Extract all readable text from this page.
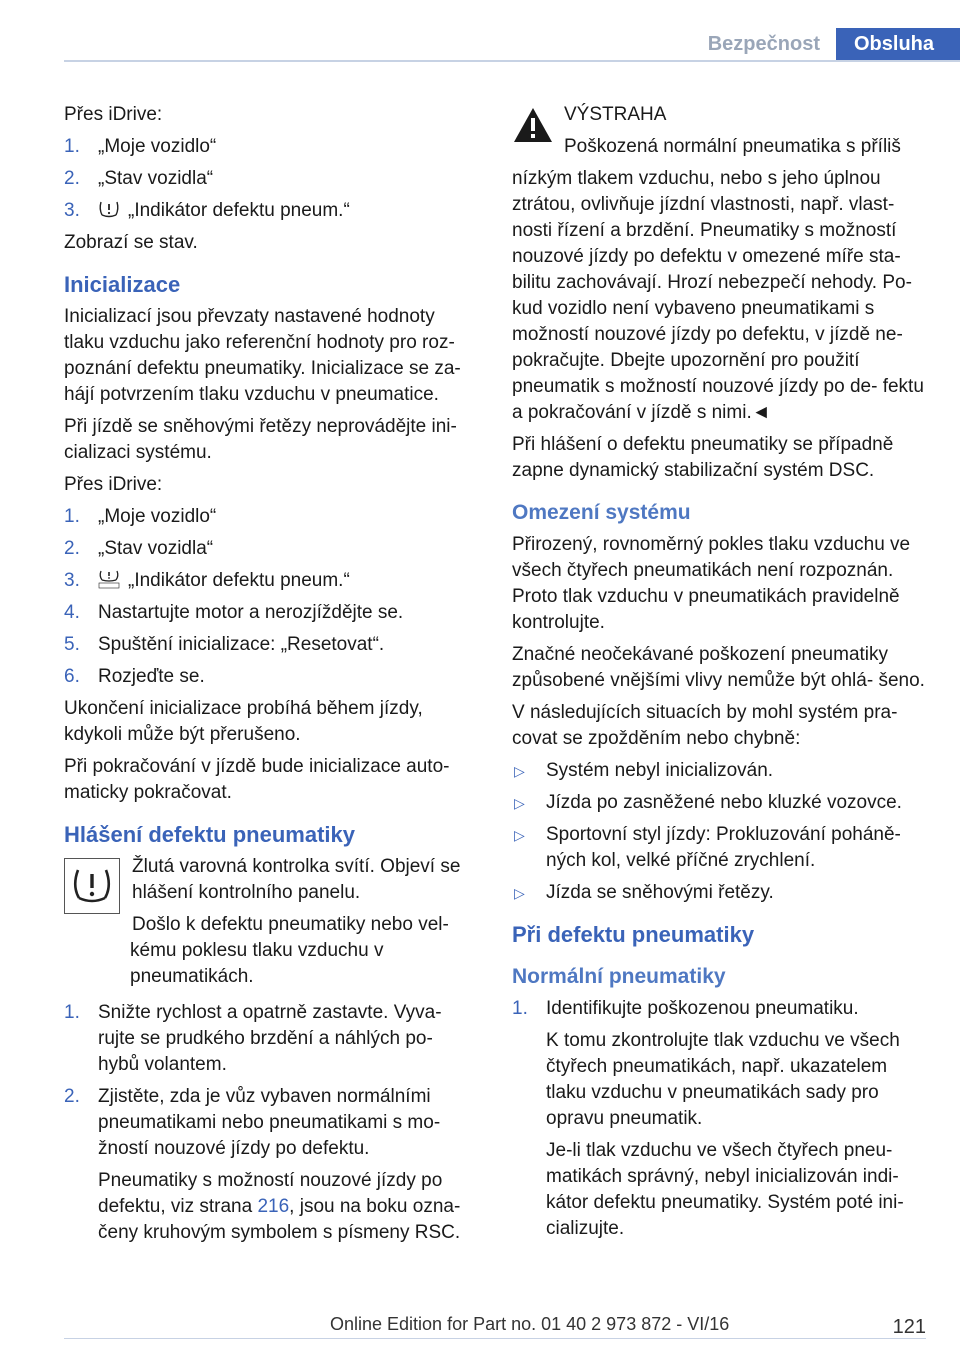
Bezpečnost	Obsluha

Přes iDrive:

1. „Moje vozidlo“
2. „Stav vozidla“
3.	„Indikátor defektu pneum.“

Zobrazí se stav.

Inicializace

Inicializací jsou převzaty nastavené hodnoty tlaku vzduchu jako referenční hodnoty pro roz‐ poznání defektu pneumatiky. Inicializace se za‐ hájí potvrzením tlaku vzduchu v pneumatice.

Při jízdě se sněhovými řetězy neprovádějte ini‐ cializaci systému.

Přes iDrive:

1. „Moje vozidlo“
2. „Stav vozidla“
3.	„Indikátor defektu pneum.“
4. Nastartujte motor a nerozjíždějte se.
5. Spuštění inicializace: „Resetovat“.
6. Rozjeďte se.

Ukončení inicializace probíhá během jízdy, kdykoli může být přerušeno.

Při pokračování v jízdě bude inicializace auto‐ maticky pokračovat.

Hlášení defektu pneumatiky

Žlutá varovná kontrolka svítí. Objeví se hlášení kontrolního panelu.

Došlo k defektu pneumatiky nebo vel‐ kému poklesu tlaku vzduchu v pneumatikách.

1. Snižte rychlost a opatrně zastavte. Vyva‐ rujte se prudkého brzdění a náhlých po‐ hybů volantem.
2. Zjistěte, zda je vůz vybaven normálními pneumatikami nebo pneumatikami s mo‐ žností nouzové jízdy po defektu.
Pneumatiky s možností nouzové jízdy po defektu, viz strana 216, jsou na boku ozna‐ čeny kruhovým symbolem s písmeny RSC.

VÝSTRAHA

Poškozená normální pneumatika s příliš

nízkým tlakem vzduchu, nebo s jeho úplnou ztrátou, ovlivňuje jízdní vlastnosti, např. vlast‐ nosti řízení a brzdění. Pneumatiky s možností nouzové jízdy po defektu v omezené míře sta‐ bilitu zachovávají. Hrozí nebezpečí nehody. Po‐ kud vozidlo není vybaveno pneumatikami s možností nouzové jízdy po defektu, v jízdě ne‐ pokračujte. Dbejte upozornění pro použití pneumatik s možností nouzové jízdy po de‐ fektu a pokračování v jízdě s nimi.◄

Při hlášení o defektu pneumatiky se případně zapne dynamický stabilizační systém DSC.

Omezení systému

Přirozený, rovnoměrný pokles tlaku vzduchu ve všech čtyřech pneumatikách není rozpoznán. Proto tlak vzduchu v pneumatikách pravidelně kontrolujte.

Značné neočekávané poškození pneumatiky způsobené vnějšími vlivy nemůže být ohlá‐ šeno.

V následujících situacích by mohl systém pra‐ covat se zpožděním nebo chybně:

▷ Systém nebyl inicializován.
▷ Jízda po zasněžené nebo kluzké vozovce.
▷ Sportovní styl jízdy: Prokluzování poháně‐ ných kol, velké příčné zrychlení.
▷ Jízda se sněhovými řetězy.
Při defektu pneumatiky
Normální pneumatiky
1. Identifikujte poškozenou pneumatiku.
K tomu zkontrolujte tlak vzduchu ve všech čtyřech pneumatikách, např. ukazatelem tlaku vzduchu v pneumatikách sady pro opravu pneumatik.
Je-li tlak vzduchu ve všech čtyřech pneu‐ matikách správný, nebyl inicializován indi‐ kátor defektu pneumatiky. Systém poté ini‐ cializujte.
Online Edition for Part no. 01 40 2 973 872 - VI/16	121
